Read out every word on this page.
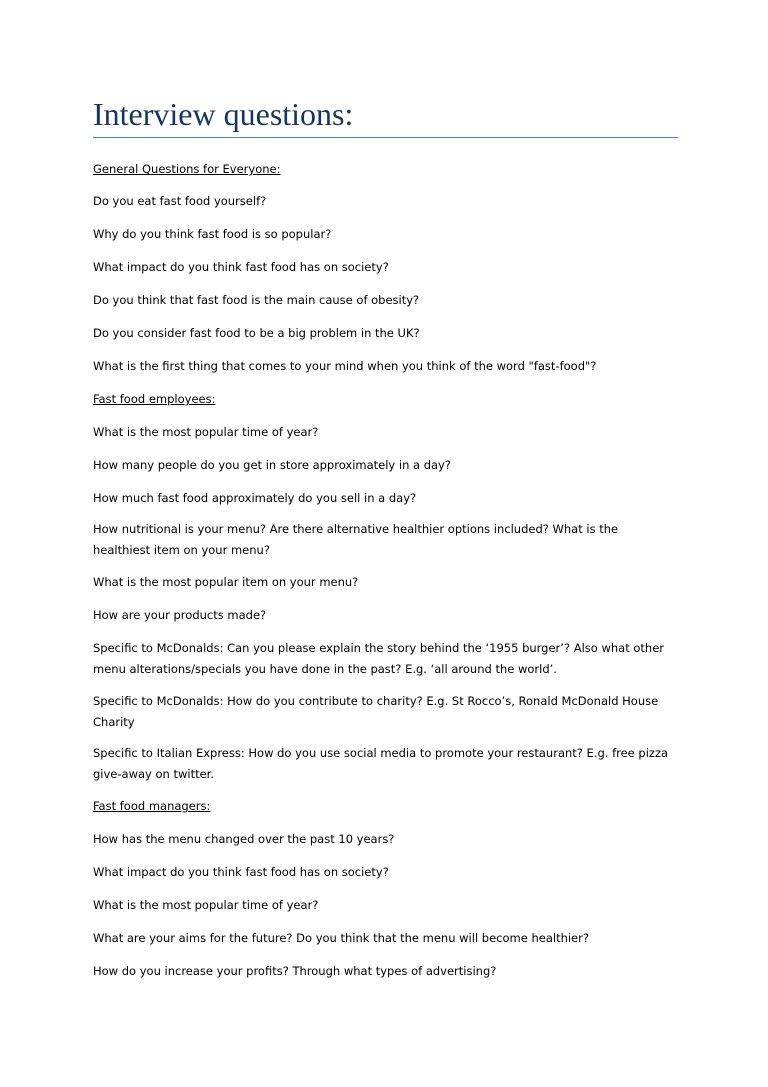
Interview questions:

General Questions for Everyone:

Do you eat fast food yourself?

Why do you think fast food is so popular?

What impact do you think fast food has on society?

Do you think that fast food is the main cause of obesity?

Do you consider fast food to be a big problem in the UK?

What is the first thing that comes to your mind when you think of the word "fast-food"?

Fast food employees:

What is the most popular time of year?

How many people do you get in store approximately in a day?

How much fast food approximately do you sell in a day?

How nutritional is your menu? Are there alternative healthier options included? What is the
healthiest item on your menu?

What is the most popular item on your menu?

How are your products made?

Specific to McDonalds: Can you please explain the story behind the ‘1955 burger’? Also what other
menu alterations/specials you have done in the past? E.g. ‘all around the world’.
Specific to McDonalds: How do you contribute to charity? E.g. St Rocco’s, Ronald McDonald House
Charity
Specific to Italian Express: How do you use social media to promote your restaurant? E.g. free pizza
give-away on twitter.

Fast food managers:

How has the menu changed over the past 10 years?

What impact do you think fast food has on society?

What is the most popular time of year?

What are your aims for the future? Do you think that the menu will become healthier?

How do you increase your profits? Through what types of advertising?
